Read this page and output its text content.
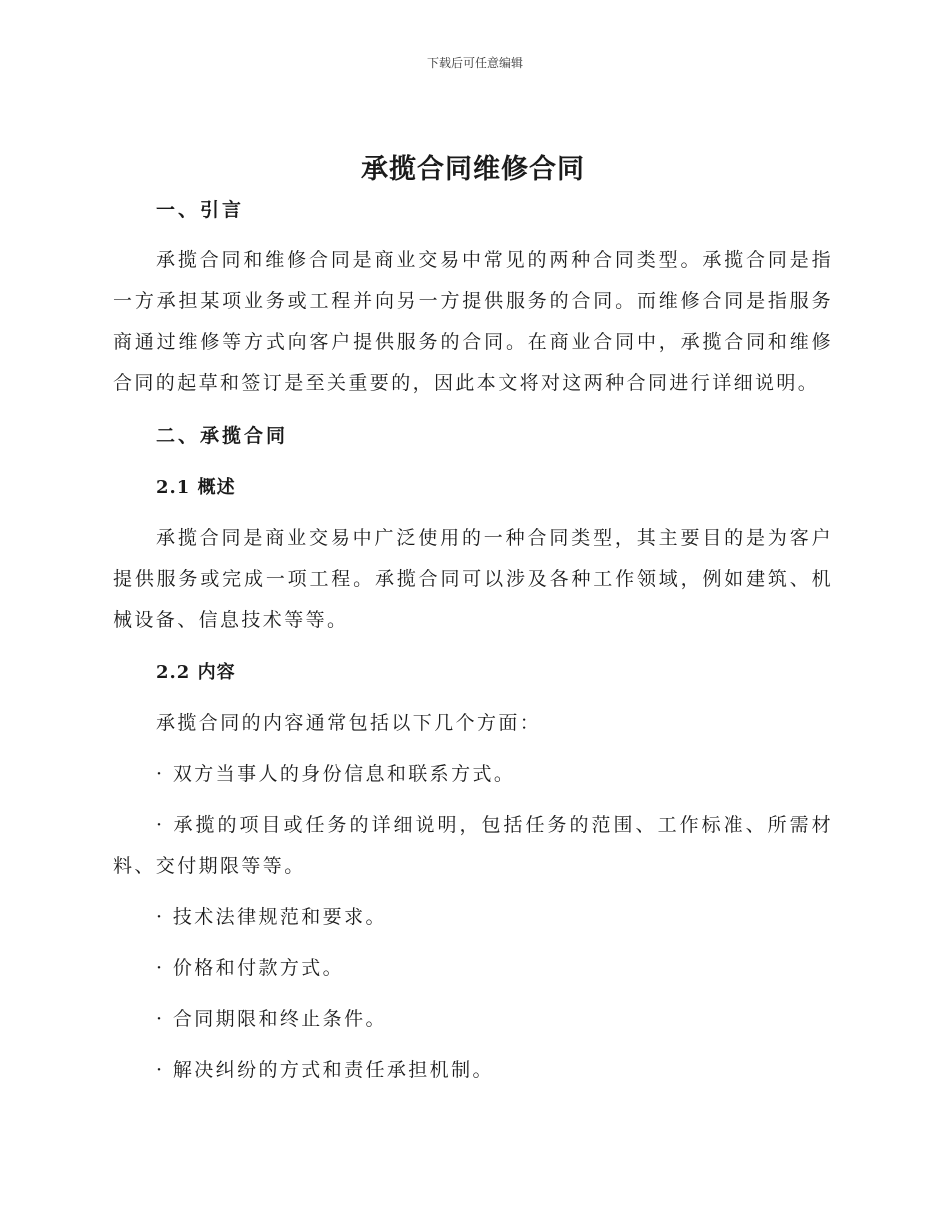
下载后可任意编辑
承揽合同维修合同
一、引言

承揽合同和维修合同是商业交易中常见的两种合同类型。承揽合同是指一方承担某项业务或工程并向另一方提供服务的合同。而维修合同是指服务商通过维修等方式向客户提供服务的合同。在商业合同中，承揽合同和维修合同的起草和签订是至关重要的，因此本文将对这两种合同进行详细说明。

二、承揽合同
2.1 概述

承揽合同是商业交易中广泛使用的一种合同类型，其主要目的是为客户提供服务或完成一项工程。承揽合同可以涉及各种工作领域，例如建筑、机械设备、信息技术等等。

2.2 内容

承揽合同的内容通常包括以下几个方面：

· 双方当事人的身份信息和联系方式。

· 承揽的项目或任务的详细说明，包括任务的范围、工作标准、所需材料、交付期限等等。

· 技术法律规范和要求。

· 价格和付款方式。

· 合同期限和终止条件。

· 解决纠纷的方式和责任承担机制。
